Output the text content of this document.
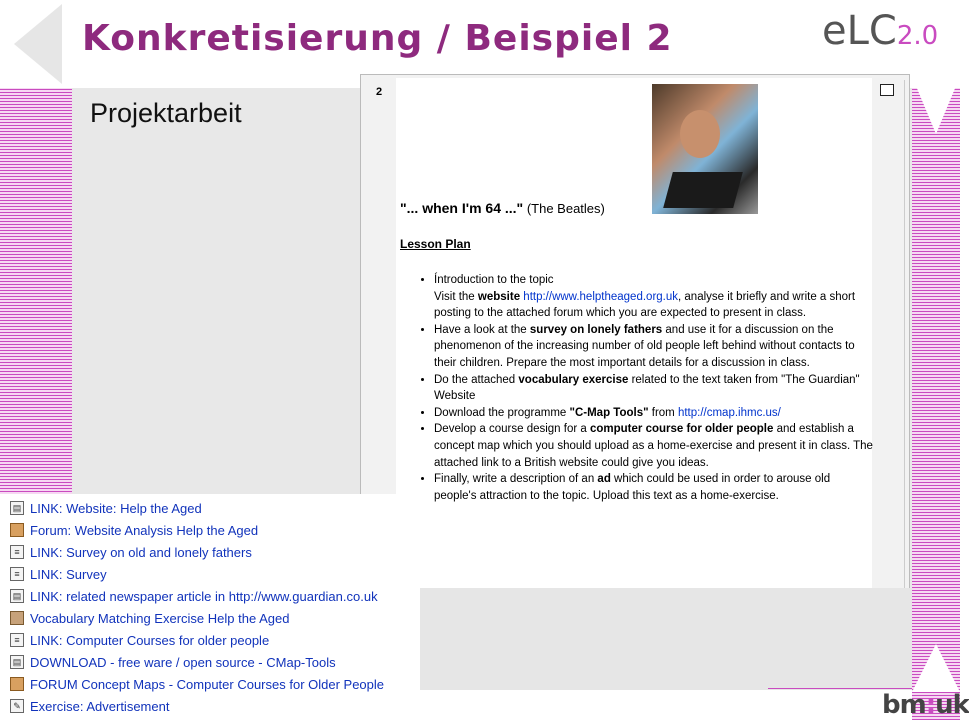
Konkretisierung / Beispiel 2	eLC2.0
Projektarbeit
2
"... when I'm 64 ..." (The Beatles)
Lesson Plan
• Íntroduction to the topic
Visit the website http://www.helptheaged.org.uk, analyse it briefly and write a short posting to the attached forum which you are expected to present in class.
• Have a look at the survey on lonely fathers and use it for a discussion on the phenomenon of the increasing number of old people left behind without contacts to their children. Prepare the most important details for a discussion in class.
• Do the attached vocabulary exercise related to the text taken from "The Guardian" Website
• Download the programme "C-Map Tools" from http://cmap.ihmc.us/
• Develop a course design for a computer course for older people and establish a concept map which you should upload as a home-exercise and present it in class. The attached link to a British website could give you ideas.
• Finally, write a description of an ad which could be used in order to arouse old people's attraction to the topic. Upload this text as a home-exercise.
▤ LINK: Website: Help the Aged
Forum: Website Analysis Help the Aged
≡ LINK: Survey on old and lonely fathers
≡ LINK: Survey
▤ LINK: related newspaper article in http://www.guardian.co.uk
Vocabulary Matching Exercise Help the Aged
≡ LINK: Computer Courses for older people
▤ DOWNLOAD - free ware / open source - CMap-Tools
FORUM Concept Maps - Computer Courses for Older People
✎ Exercise: Advertisement	bm:uk
